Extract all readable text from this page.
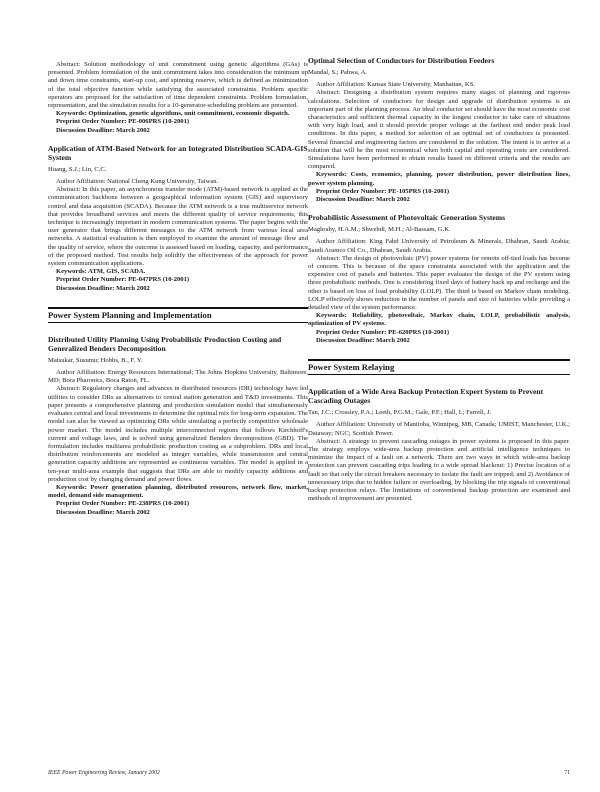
Abstract: Solution methodology of unit commitment using genetic algorithms (GAs) is presented. Problem formulation of the unit commitment takes into consideration the minimum up and down time constraints, start-up cost, and spinning reserve, which is defined as minimization of the total objective function while satisfying the associated constraints. Problem specific operators are proposed for the satisfaction of time dependent constraints. Problem formulation, representation, and the simulation results for a 10-generator-scheduling problem are presented.

Keywords: Optimization, genetic algorithms, unit commitment, economic dispatch.

Preprint Order Number: PE-006PRS (10-2001)

Discussion Deadline: March 2002

Application of ATM-Based Network for an Integrated Distribution SCADA-GIS System

Huang, S.J.; Lin, C.C.

Author Affiliation: National Cheng Kung University, Taiwan.

Abstract: In this paper, an asynchronous transfer mode (ATM)-based network is applied as the communication backbone between a geographical information system (GIS) and supervisory control and data acquisition (SCADA). Because the ATM network is a true multiservice network that provides broadband services and meets the different quality of service requirements, this technique is increasingly important in modern communication systems. The paper begins with the user generator that brings different messages to the ATM network from various local area networks. A statistical evaluation is then employed to examine the amount of message flow and the quality of service, where the outcome is assessed based on loading, capacity, and performance of the proposed method. Test results help solidify the effectiveness of the approach for power system communication applications.

Keywords: ATM, GIS, SCADA.

Preprint Order Number: PE-047PRS (10-2001)

Discussion Deadline: March 2002

Power System Planning and Implementation

Distributed Utility Planning Using Probabilistic Production Costing and Generalized Benders Decomposition

Matsukar, Susumu; Hobbs, B., F. Y.

Author Affiliation: Energy Resources International; The Johns Hopkins University, Baltimore, MD; Bora Pharonics, Boca Raton, FL.

Abstract: Regulatory changes and advances in distributed resources (DR) technology have led utilities to consider DRs as alternatives to central station generation and T&D investments. This paper presents a comprehensive planning and production simulation model that simultaneously evaluates central and local investments to determine the optimal mix for long-term expansion. The model can also be viewed as optimizing DRs while simulating a perfectly competitive wholesale power market. The model includes multiple interconnected regions that follows Kirchhoff's current and voltage laws, and is solved using generalized Benders decomposition (GBD). The formulation includes multiarea probabilistic production costing as a subproblem. DRs and local distribution reinforcements are modeled as integer variables, while transmission and central generation capacity additions are represented as continuous variables. The model is applied in a ten-year multi-area example that suggests that DRs are able to modify capacity additions and production cost by changing demand and power flows.

Keywords: Power generation planning, distributed resources, network flow, market, model, demand side management.

Preprint Order Number: PE-238PRS (10-2001)

Discussion Deadline: March 2002

Optimal Selection of Conductors for Distribution Feeders

Mandal, S.; Pahwa, A.

Author Affiliation: Kansas State University, Manhattan, KS.

Abstract: Designing a distribution system requires many stages of planning and rigorous calculations. Selection of conductors for design and upgrade of distribution systems is an important part of the planning process. An ideal conductor set should have the most economic cost characteristics and sufficient thermal capacity in the longest conductor to take care of situations with very high load, and it should provide proper voltage at the farthest end under peak load conditions. In this paper, a method for selection of an optimal set of conductors is presented. Several financial and engineering factors are considered in the solution. The intent is to arrive at a solution that will be the most economical when both capital and operating costs are considered. Simulations have been performed to obtain results based on different criteria and the results are compared.

Keywords: Costs, economics, planning, power distribution, power distribution lines, power system planning.

Preprint Order Number: PE-105PRS (10-2001)

Discussion Deadline: March 2002

Probabilistic Assessment of Photovoltaic Generation Systems

Maghraby, H.A.M.; Shwehdi, M.H.; Al-Bassam, G.K.

Author Affiliation: King Fahd University of Petroleum & Minerals, Dhahran, Saudi Arabia; Saudi Aramco Oil Co., Dhahran, Saudi Arabia.

Abstract: The design of photovoltaic (PV) power systems for remote off-tied loads has become of concern. This is because of the space constraints associated with the application and the expensive cost of panels and batteries. This paper evaluates the design of the PV system using three probabilistic methods. One is considering fixed days of battery back up and recharge and the other is based on loss of load probability (LOLP). The third is based on Markov chain modeling. LOLP effectively shows reduction in the number of panels and size of batteries while providing a detailed view of the system performance.

Keywords: Reliability, photovoltaic, Markov chain, LOLP, probabilistic analysis, optimization of PV systems.

Preprint Order Number: PE-620PRS (10-2001)

Discussion Deadline: March 2002

Power System Relaying

Application of a Wide Area Backup Protection Expert System to Prevent Cascading Outages

Tan, J.C.; Crossley, P.A.; Leeth, P.G.M.; Gale, P.F.; Hall, I.; Farrell, J.

Author Affiliation: University of Manitoba, Winnipeg, MB, Canada; UMIST, Manchester, U.K.; Dataway; NGC; Scottish Power.

Abstract: A strategy to prevent cascading outages in power systems is proposed in this paper. The strategy employs wide-area backup protection and artificial intelligence techniques to minimize the impact of a fault on a network. There are two ways in which wide-area backup protection can prevent cascading trips leading to a wide spread blackout: 1) Precise location of a fault so that only the circuit breakers necessary to isolate the fault are tripped; and 2) Avoidance of unnecessary trips due to hidden failure or overloading, by blocking the trip signals of conventional backup protection relays. The limitations of conventional backup protection are examined and methods of improvement are presented.

IEEE Power Engineering Review, January 2002	71
